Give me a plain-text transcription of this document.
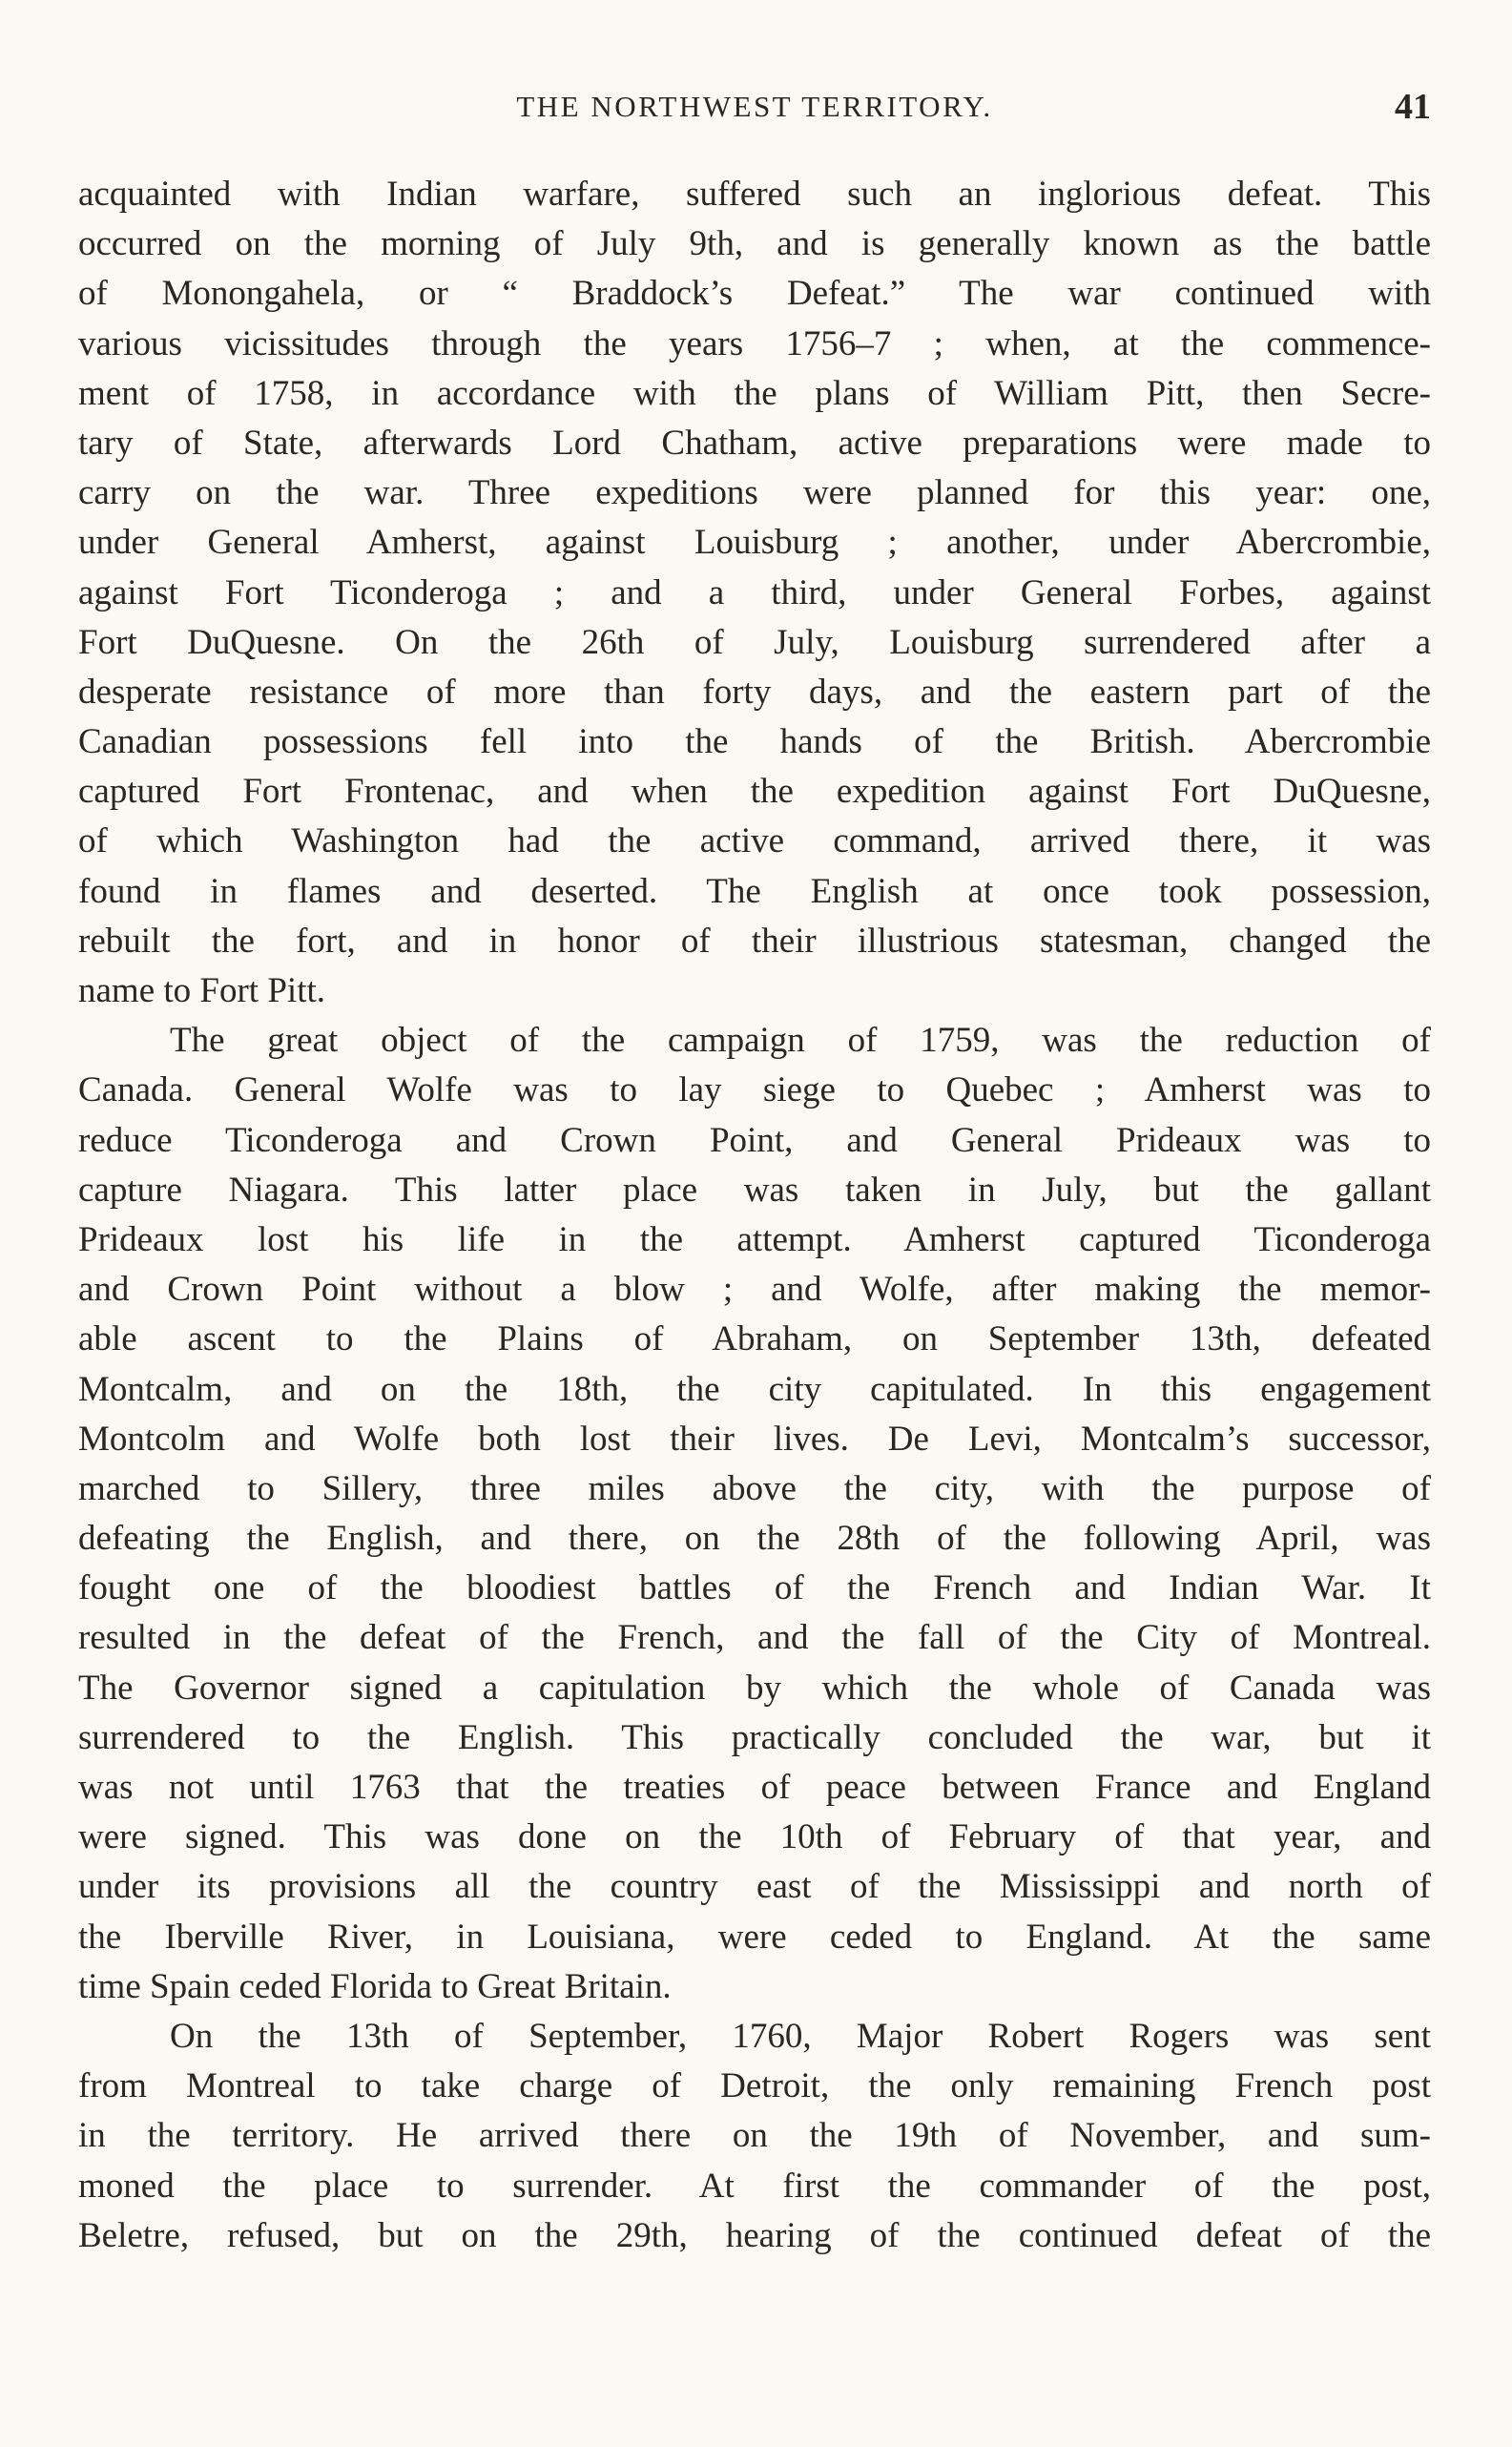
THE NORTHWEST TERRITORY.	41
acquainted with Indian warfare, suffered such an inglorious defeat. This
occurred on the morning of July 9th, and is generally known as the battle
of Monongahela, or “ Braddock’s Defeat.” The war continued with
various vicissitudes through the years 1756–7 ; when, at the commence-
ment of 1758, in accordance with the plans of William Pitt, then Secre-
tary of State, afterwards Lord Chatham, active preparations were made to
carry on the war. Three expeditions were planned for this year: one,
under General Amherst, against Louisburg ; another, under Abercrombie,
against Fort Ticonderoga ; and a third, under General Forbes, against
Fort DuQuesne. On the 26th of July, Louisburg surrendered after a
desperate resistance of more than forty days, and the eastern part of the
Canadian possessions fell into the hands of the British. Abercrombie
captured Fort Frontenac, and when the expedition against Fort DuQuesne,
of which Washington had the active command, arrived there, it was
found in flames and deserted. The English at once took possession,
rebuilt the fort, and in honor of their illustrious statesman, changed the
name to Fort Pitt.
The great object of the campaign of 1759, was the reduction of
Canada. General Wolfe was to lay siege to Quebec ; Amherst was to
reduce Ticonderoga and Crown Point, and General Prideaux was to
capture Niagara. This latter place was taken in July, but the gallant
Prideaux lost his life in the attempt. Amherst captured Ticonderoga
and Crown Point without a blow ; and Wolfe, after making the memor-
able ascent to the Plains of Abraham, on September 13th, defeated
Montcalm, and on the 18th, the city capitulated. In this engagement
Montcolm and Wolfe both lost their lives. De Levi, Montcalm’s successor,
marched to Sillery, three miles above the city, with the purpose of
defeating the English, and there, on the 28th of the following April, was
fought one of the bloodiest battles of the French and Indian War. It
resulted in the defeat of the French, and the fall of the City of Montreal.
The Governor signed a capitulation by which the whole of Canada was
surrendered to the English. This practically concluded the war, but it
was not until 1763 that the treaties of peace between France and England
were signed. This was done on the 10th of February of that year, and
under its provisions all the country east of the Mississippi and north of
the Iberville River, in Louisiana, were ceded to England. At the same
time Spain ceded Florida to Great Britain.
On the 13th of September, 1760, Major Robert Rogers was sent
from Montreal to take charge of Detroit, the only remaining French post
in the territory. He arrived there on the 19th of November, and sum-
moned the place to surrender. At first the commander of the post,
Beletre, refused, but on the 29th, hearing of the continued defeat of the
